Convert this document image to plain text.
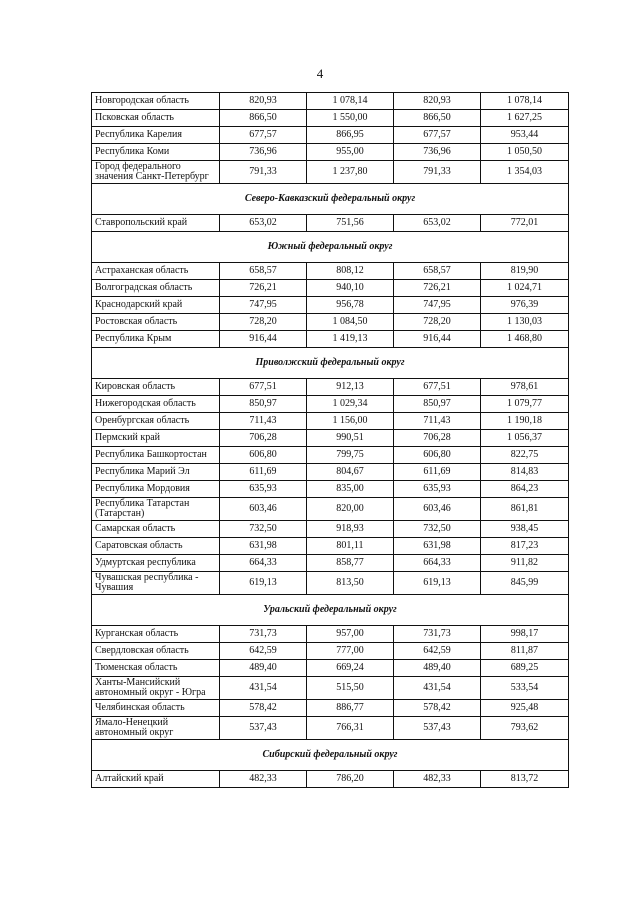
4
Новгородская область	820,93	1 078,14	820,93	1 078,14
Псковская область	866,50	1 550,00	866,50	1 627,25
Республика Карелия	677,57	866,95	677,57	953,44
Республика Коми	736,96	955,00	736,96	1 050,50
Город федерального значения Санкт-Петербург	791,33	1 237,80	791,33	1 354,03
Северо-Кавказский федеральный округ				
Ставропольский край	653,02	751,56	653,02	772,01
Южный федеральный округ				
Астраханская область	658,57	808,12	658,57	819,90
Волгоградская область	726,21	940,10	726,21	1 024,71
Краснодарский край	747,95	956,78	747,95	976,39
Ростовская область	728,20	1 084,50	728,20	1 130,03
Республика Крым	916,44	1 419,13	916,44	1 468,80
Приволжский федеральный округ				
Кировская область	677,51	912,13	677,51	978,61
Нижегородская область	850,97	1 029,34	850,97	1 079,77
Оренбургская область	711,43	1 156,00	711,43	1 190,18
Пермский край	706,28	990,51	706,28	1 056,37
Республика Башкортостан	606,80	799,75	606,80	822,75
Республика Марий Эл	611,69	804,67	611,69	814,83
Республика Мордовия	635,93	835,00	635,93	864,23
Республика Татарстан (Татарстан)	603,46	820,00	603,46	861,81
Самарская область	732,50	918,93	732,50	938,45
Саратовская область	631,98	801,11	631,98	817,23
Удмуртская республика	664,33	858,77	664,33	911,82
Чувашская республика - Чувашия	619,13	813,50	619,13	845,99
Уральский федеральный округ				
Курганская область	731,73	957,00	731,73	998,17
Свердловская область	642,59	777,00	642,59	811,87
Тюменская область	489,40	669,24	489,40	689,25
Ханты-Мансийский автономный округ - Югра	431,54	515,50	431,54	533,54
Челябинская область	578,42	886,77	578,42	925,48
Ямало-Ненецкий автономный округ	537,43	766,31	537,43	793,62
Сибирский федеральный округ				
Алтайский край	482,33	786,20	482,33	813,72
